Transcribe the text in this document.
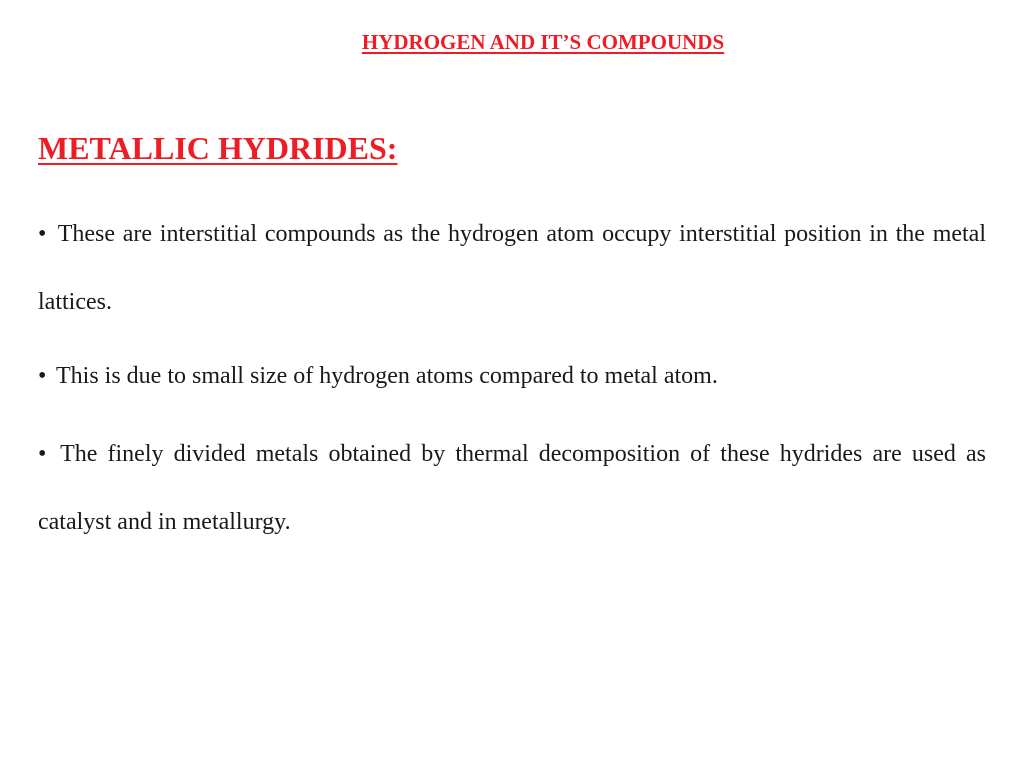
HYDROGEN AND IT’S COMPOUNDS
METALLIC HYDRIDES:
• These are interstitial compounds as the hydrogen atom occupy interstitial position in the metal lattices.
• This is due to small size of hydrogen atoms compared to metal atom.
• The finely divided metals obtained by thermal decomposition of these hydrides are used as catalyst and in metallurgy.
